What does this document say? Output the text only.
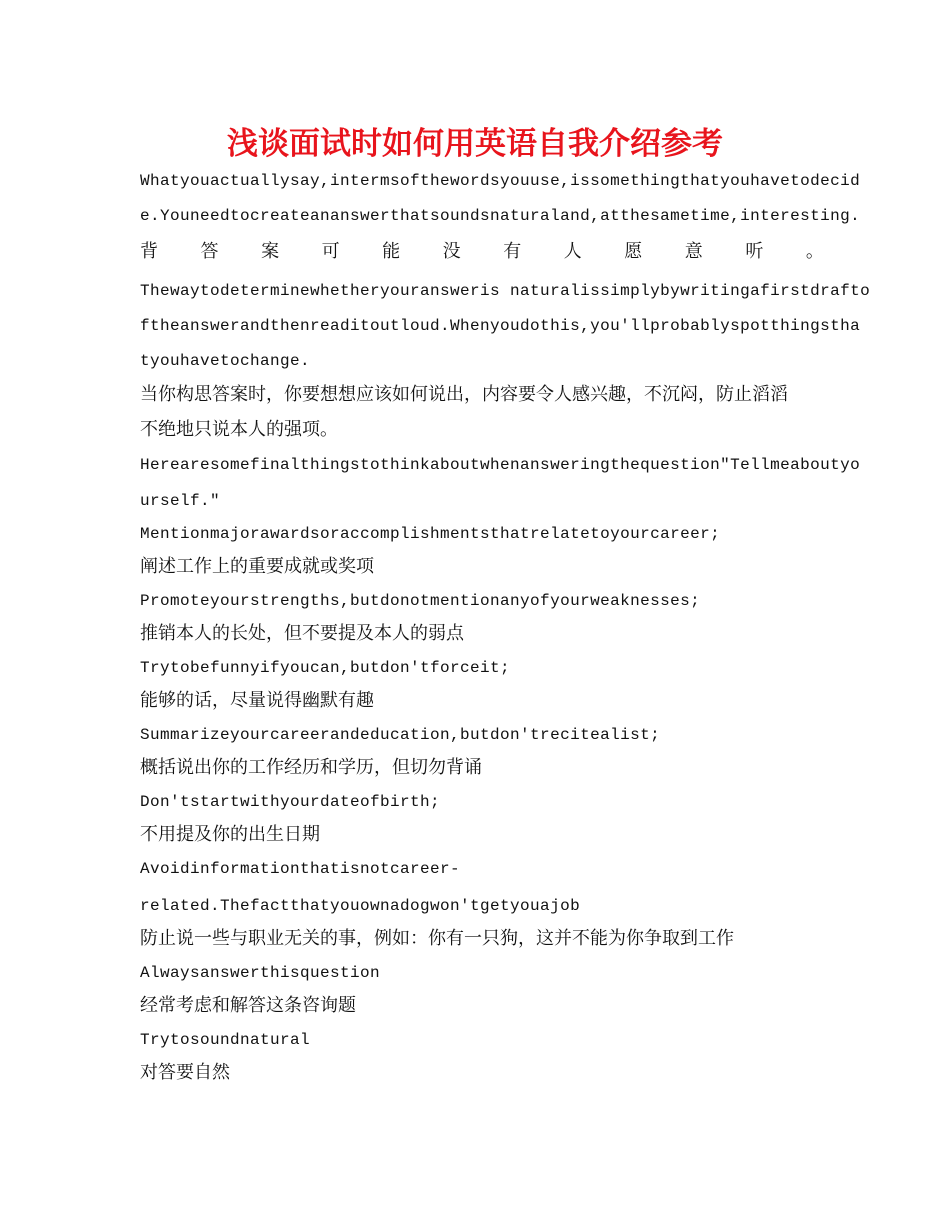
浅谈面试时如何用英语自我介绍参考

Whatyouactuallysay,intermsofthewordsyouuse,issomethingthatyouhavetodecid

e.Youneedtocreateananswerthatsoundsnaturaland,atthesametime,interesting.

背 答 案 可 能 没 有 人 愿 意 听 。

Thewaytodeterminewhetheryouransweris naturalissimplybywritingafirstdrafto

ftheanswerandthenreaditoutloud.Whenyoudothis,you'llprobablyspotthingstha

tyouhavetochange.

当你构思答案时，你要想想应该如何说出，内容要令人感兴趣，不沉闷，防止滔滔

不绝地只说本人的强项。

Herearesomefinalthingstothinkaboutwhenansweringthequestion"Tellmeaboutyo

urself."

Mentionmajorawardsoraccomplishmentsthatrelatetoyourcareer;

阐述工作上的重要成就或奖项

Promoteyourstrengths,butdonotmentionanyofyourweaknesses;

推销本人的长处，但不要提及本人的弱点

Trytobefunnyifyoucan,butdon'tforceit;

能够的话，尽量说得幽默有趣

Summarizeyourcareerandeducation,butdon'trecitealist;

概括说出你的工作经历和学历，但切勿背诵

Don'tstartwithyourdateofbirth;

不用提及你的出生日期

Avoidinformationthatisnotcareer-

related.Thefactthatyouownadogwon'tgetyouajob

防止说一些与职业无关的事，例如：你有一只狗，这并不能为你争取到工作

Alwaysanswerthisquestion

经常考虑和解答这条咨询题

Trytosoundnatural

对答要自然
